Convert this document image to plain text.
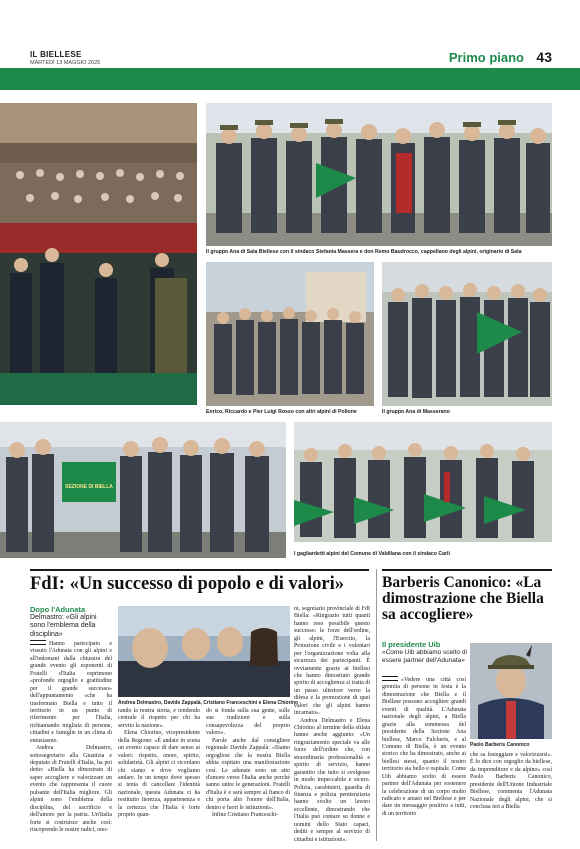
IL BIELLESE
MARTEDÌ 13 MAGGIO 2025	Primo piano 43
Il gruppo Ana di Sala Biellese con il sindaco Stefania Massera e don Remo Baudrocco, cappellano degli alpini, originario di Sala
Enrico, Riccardo e Pier Luigi Rosso con altri alpini di Pollone	Il gruppo Ana di Masserano
SEZIONE DI BIELLA
I gagliardetti alpini del Comune di Valdilana con il sindaco Carli
FdI: «Un successo di popolo e di valori»
Dopo l'Adunata
Delmastro: «Gli alpini sono l'emblema della disciplina»
Andrea Delmastro, Davide Zappalà, Cristiano Franceschini e Elena Chiorino

Hanno partecipato e vissuto l'Adunata con gli alpini e all'indomani dalla chiusura del grande evento gli esponenti di Fratelli d'Italia esprimono «profondo orgoglio e gratitudine per il grande successo» dell'appuntamento «che ha trasformato Biella e tutto il territorio in un punto di riferimento per l'Italia, richiamando migliaia di persone, cittadini e famiglie in un clima di entusiasmo.

Andrea Delmastro, sottosegretario alla Giustizia e deputato di Fratelli d'Italia, ha poi detto: «Biella ha dimostrato di saper accogliere e valorizzare un evento che rappresenta il cuore pulsante dell'Italia migliore. Gli alpini sono l'emblema della disciplina, del sacrificio e dell'amore per la patria. Un'Italia forte si costruisce anche così: riscoprendo le nostre radici, ono-

rando la nostra storia, e rendendo centrale il rispetto per chi ha servito la nazione».

Elena Chiorino, vicepresidente della Regione: «È andato in scena un evento capace di dare senso ai valori: rispetto, onore, spirito, solidarietà. Gli alpini ci ricordano chi siamo e dove vogliamo andare. In un tempo dove spesso si tenta di cancellare l'identità nazionale, questa Adunata ci ha restituito fierezza, appartenenza e la certezza che l'Italia è forte proprio quan-

do si fonda sulla sua gente, sulle sue tradizioni e sulla consapevolezza del proprio valore».

Parole anche dal consigliere regionale Davide Zappalà: «Siamo orgogliosi che la nostra Biella abbia ospitato una manifestazione così. Le adunate sono un atto d'amore verso l'Italia anche perché sanno unire le generazioni. Fratelli d'Italia è e sarà sempre al fianco di chi porta alto l'onore dell'Italia, dentro e fuori le istituzioni».

Infine Cristiano Franceschi-

ni, segretario provinciale di FdI Biella: «Ringrazio tutti quanti hanno reso possibile questo successo: le forze dell'ordine, gli alpini, l'Esercito, la Protezione civile e i volontari per l'organizzazione volta alla sicurezza dei partecipanti. È ovviamente grazie ai biellesi che hanno dimostrato grande spirito di accoglienza si tratta di un passo ulteriore verso la difesa e la promozione di quei valori che gli alpini hanno incarnato».

Andrea Delmastro e Elena Chiorino al termine della sfilata hanno anche aggiunto: «Un ringraziamento speciale va alle forze dell'ordine che, con straordinaria professionalità e spirito di servizio, hanno garantito che tutto si svolgesse in modo impeccabile e sicuro. Polizia, carabinieri, guardia di finanza e polizia penitenziaria hanno svolto un lavoro eccellente, dimostrando che l'Italia può contare su donne e uomini dello Stato capaci, dediti e sempre al servizio di cittadini e istituzioni».

Barberis Canonico: «La dimostrazione che Biella sa accogliere»
Il presidente Uib
«Come Uib abbiamo scelto di essere partner dell'Adunata»
Paolo Barberis Canonico

«Vedere una città così gremita di persone in festa è la dimostrazione che Biella e il Biellese possono accogliere grandi eventi di qualità. L'Adunata nazionale degli alpini, a Biella grazie alla sommessa del presidente della Sezione Ana biellese, Marco Fulcheris, e al Comune di Biella, è un evento storico che ha dimostrato, anche ai biellesi stessi, quanto il nostro territorio sia bello e ospitale. Come Uib abbiamo scelto di essere partner dell'Adunata per sostenere la celebrazione di un corpo molto radicato e amato nel Biellese e per dare un messaggio positivo a tutti, di un territorio

che sa festeggiare e valorizzarsi». È lo dice con orgoglio da biellese, da imprenditore e da alpino» così Paolo Barberis Canonico, presidente dell'Unione Industriale Biellese, commenta l'Adunata Nazionale degli alpini, che si conclusa ieri a Biella
